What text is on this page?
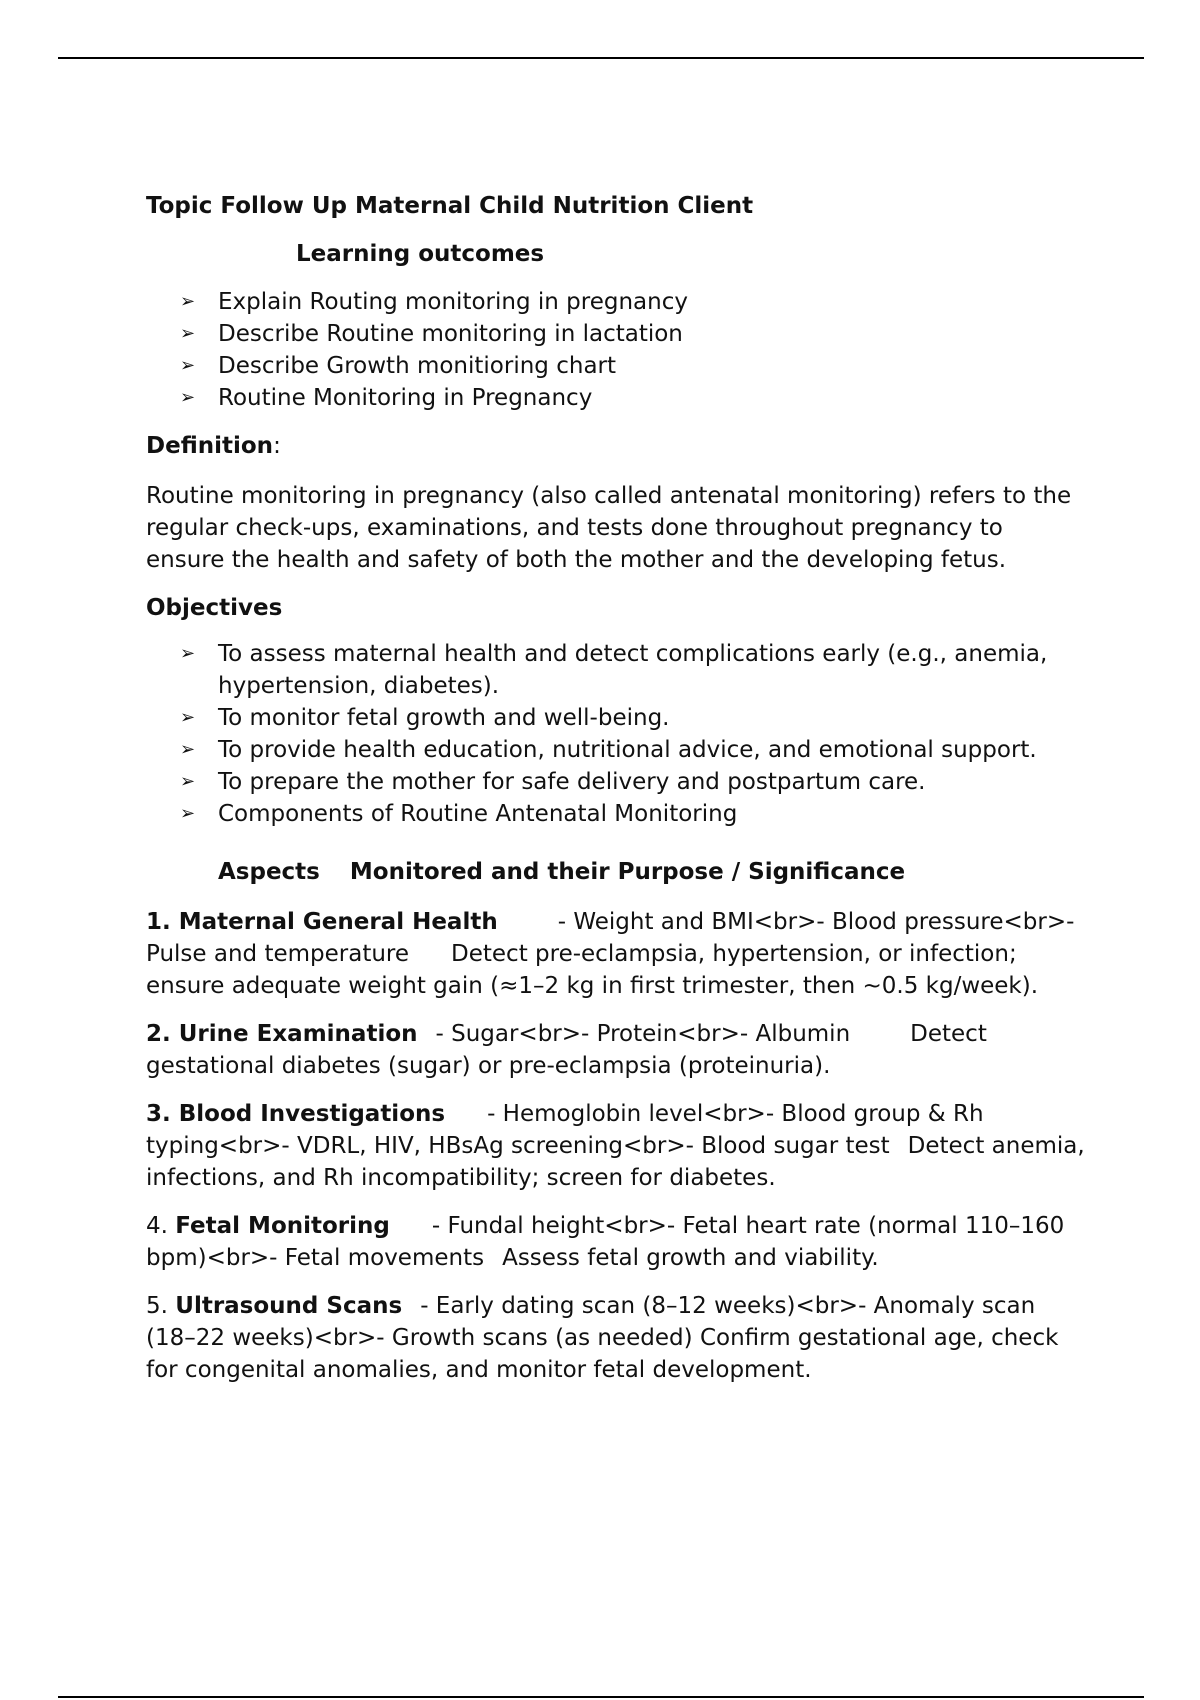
Topic Follow Up Maternal Child Nutrition Client
Learning outcomes
➢ Explain Routing monitoring in pregnancy
➢ Describe Routine monitoring in lactation
➢ Describe Growth monitioring chart
➢ Routine Monitoring in Pregnancy
Definition:
Routine monitoring in pregnancy (also called antenatal monitoring) refers to the regular check-ups, examinations, and tests done throughout pregnancy to ensure the health and safety of both the mother and the developing fetus.
Objectives
➢ To assess maternal health and detect complications early (e.g., anemia, hypertension, diabetes).
➢ To monitor fetal growth and well-being.
➢ To provide health education, nutritional advice, and emotional support.
➢ To prepare the mother for safe delivery and postpartum care.
➢ Components of Routine Antenatal Monitoring
Aspects Monitored and their Purpose / Significance
1. Maternal General Health	- Weight and BMI<br>- Blood pressure<br>- Pulse and temperature Detect pre-eclampsia, hypertension, or infection; ensure adequate weight gain (≈1–2 kg in first trimester, then ~0.5 kg/week).
2. Urine Examination - Sugar<br>- Protein<br>- Albumin	Detect gestational diabetes (sugar) or pre-eclampsia (proteinuria).
3. Blood Investigations - Hemoglobin level<br>- Blood group & Rh typing<br>- VDRL, HIV, HBsAg screening<br>- Blood sugar test Detect anemia, infections, and Rh incompatibility; screen for diabetes.
4. Fetal Monitoring - Fundal height<br>- Fetal heart rate (normal 110–160 bpm)<br>- Fetal movements Assess fetal growth and viability.
5. Ultrasound Scans - Early dating scan (8–12 weeks)<br>- Anomaly scan (18–22 weeks)<br>- Growth scans (as needed) Confirm gestational age, check for congenital anomalies, and monitor fetal development.
